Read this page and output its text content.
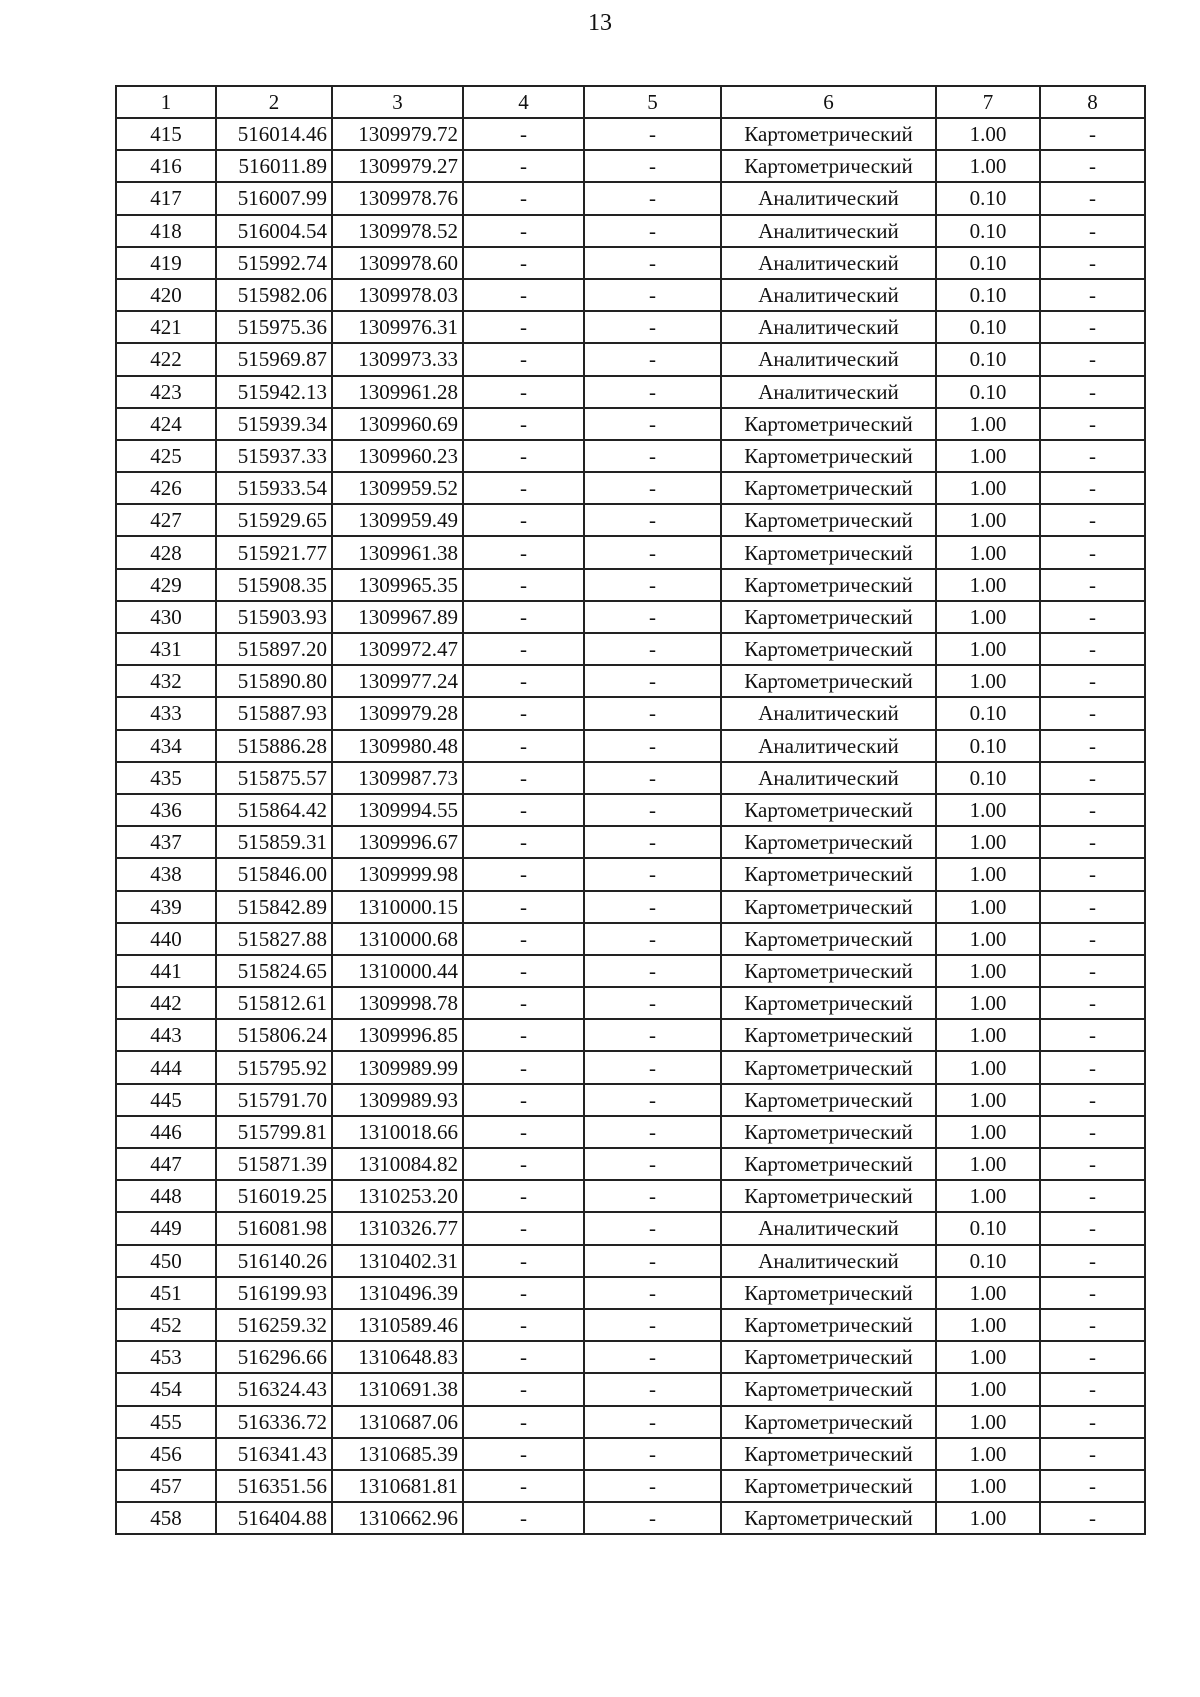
13
1	2	3	4	5	6	7	8
415	516014.46	1309979.72	-	-	Картометрический	1.00	-
416	516011.89	1309979.27	-	-	Картометрический	1.00	-
417	516007.99	1309978.76	-	-	Аналитический	0.10	-
418	516004.54	1309978.52	-	-	Аналитический	0.10	-
419	515992.74	1309978.60	-	-	Аналитический	0.10	-
420	515982.06	1309978.03	-	-	Аналитический	0.10	-
421	515975.36	1309976.31	-	-	Аналитический	0.10	-
422	515969.87	1309973.33	-	-	Аналитический	0.10	-
423	515942.13	1309961.28	-	-	Аналитический	0.10	-
424	515939.34	1309960.69	-	-	Картометрический	1.00	-
425	515937.33	1309960.23	-	-	Картометрический	1.00	-
426	515933.54	1309959.52	-	-	Картометрический	1.00	-
427	515929.65	1309959.49	-	-	Картометрический	1.00	-
428	515921.77	1309961.38	-	-	Картометрический	1.00	-
429	515908.35	1309965.35	-	-	Картометрический	1.00	-
430	515903.93	1309967.89	-	-	Картометрический	1.00	-
431	515897.20	1309972.47	-	-	Картометрический	1.00	-
432	515890.80	1309977.24	-	-	Картометрический	1.00	-
433	515887.93	1309979.28	-	-	Аналитический	0.10	-
434	515886.28	1309980.48	-	-	Аналитический	0.10	-
435	515875.57	1309987.73	-	-	Аналитический	0.10	-
436	515864.42	1309994.55	-	-	Картометрический	1.00	-
437	515859.31	1309996.67	-	-	Картометрический	1.00	-
438	515846.00	1309999.98	-	-	Картометрический	1.00	-
439	515842.89	1310000.15	-	-	Картометрический	1.00	-
440	515827.88	1310000.68	-	-	Картометрический	1.00	-
441	515824.65	1310000.44	-	-	Картометрический	1.00	-
442	515812.61	1309998.78	-	-	Картометрический	1.00	-
443	515806.24	1309996.85	-	-	Картометрический	1.00	-
444	515795.92	1309989.99	-	-	Картометрический	1.00	-
445	515791.70	1309989.93	-	-	Картометрический	1.00	-
446	515799.81	1310018.66	-	-	Картометрический	1.00	-
447	515871.39	1310084.82	-	-	Картометрический	1.00	-
448	516019.25	1310253.20	-	-	Картометрический	1.00	-
449	516081.98	1310326.77	-	-	Аналитический	0.10	-
450	516140.26	1310402.31	-	-	Аналитический	0.10	-
451	516199.93	1310496.39	-	-	Картометрический	1.00	-
452	516259.32	1310589.46	-	-	Картометрический	1.00	-
453	516296.66	1310648.83	-	-	Картометрический	1.00	-
454	516324.43	1310691.38	-	-	Картометрический	1.00	-
455	516336.72	1310687.06	-	-	Картометрический	1.00	-
456	516341.43	1310685.39	-	-	Картометрический	1.00	-
457	516351.56	1310681.81	-	-	Картометрический	1.00	-
458	516404.88	1310662.96	-	-	Картометрический	1.00	-
